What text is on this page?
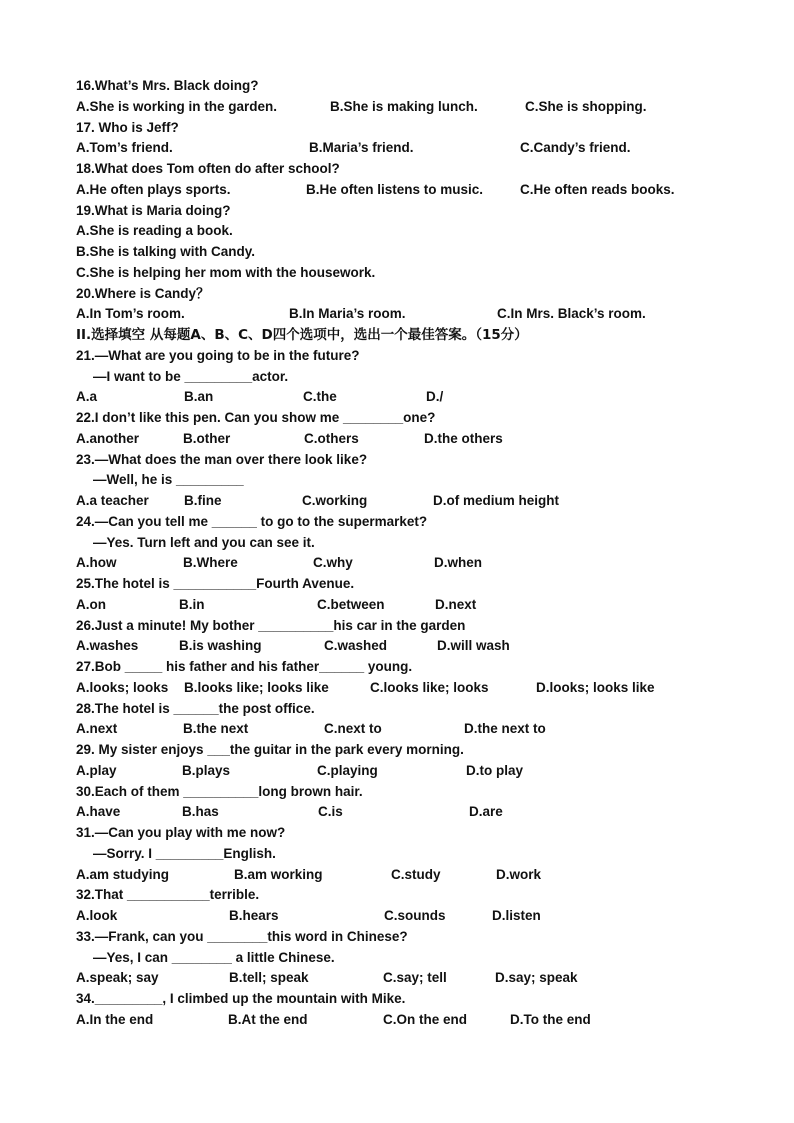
16.What’s Mrs. Black doing?
A.She is working in the garden.	B.She is making lunch.	C.She is shopping.
17. Who is Jeff?
A.Tom’s friend.	B.Maria’s friend.	C.Candy’s friend.
18.What does Tom often do after school?
A.He often plays sports.	B.He often listens to music.	C.He often reads books.
19.What is Maria doing?
A.She is reading a book.
B.She is talking with Candy.
C.She is helping her mom with the housework.
20.Where is Candy？
A.In Tom’s room.	B.In Maria’s room.	C.In Mrs. Black’s room.
II.选择填空 从每题A、B、C、D四个选项中，选出一个最佳答案。（15分）
21.—What are you going to be in the future?
—I want to be _________actor.
A.a	B.an	C.the	D./
22.I don’t like this pen. Can you show me ________one?
A.another	B.other	C.others	D.the others
23.—What does the man over there look like?
—Well, he is _________
A.a teacher	B.fine	C.working	D.of medium height
24.—Can you tell me ______ to go to the supermarket?
—Yes. Turn left and you can see it.
A.how	B.Where	C.why	D.when
25.The hotel is ___________Fourth Avenue.
A.on	B.in	C.between	D.next
26.Just a minute! My bother __________his car in the garden
A.washes	B.is washing	C.washed	D.will wash
27.Bob _____ his father and his father______ young.
A.looks; looks B.looks like; looks like	C.looks like; looks	D.looks; looks like
28.The hotel is ______the post office.
A.next	B.the next	C.next to	D.the next to
29. My sister enjoys ___the guitar in the park every morning.
A.play	B.plays	C.playing	D.to play
30.Each of them __________long brown hair.
A.have	B.has	C.is	D.are
31.—Can you play with me now?
—Sorry. I _________English.
A.am studying	B.am working	C.study	D.work
32.That ___________terrible.
A.look	B.hears	C.sounds	D.listen
33.—Frank, can you ________this word in Chinese?
—Yes, I can ________ a little Chinese.
A.speak; say	B.tell; speak	C.say; tell	D.say; speak
34._________, I climbed up the mountain with Mike.
A.In the end	B.At the end	C.On the end	D.To the end
